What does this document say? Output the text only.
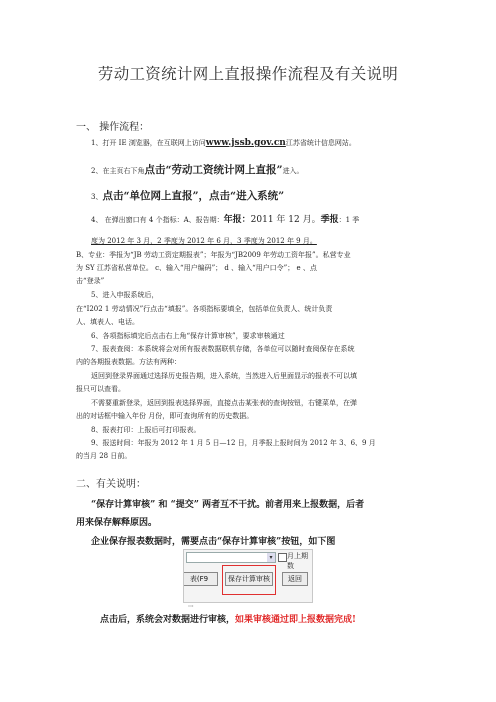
劳动工资统计网上直报操作流程及有关说明
一、 操作流程：
1、打开 IE 浏览器，在互联网上访问www.jssb.gov.cn江苏省统计信息网站。
2、在主页右下角点击“劳动工资统计网上直报”进入。
3、点击“单位网上直报”，点击“进入系统”
4、 在弹出窗口有 4 个指标：A、报告期：年报：2011 年 12 月。季报：1 季
度为 2012 年 3 月，2 季度为 2012 年 6 月，3 季度为 2012 年 9 月。
B、专业：季报为“JB 劳动工资定期报表”；年报为“JB2009 年劳动工资年报”。私营专业
为 SY 江苏省私营单位。 c、输入“用户编码”； d 、输入“用户口令”； e 、点
击“登录”
5、进入申报系统后，
在“I202 1 劳动情况”行点击“填报”。各项指标要填全，包括单位负责人、统计负责
人、填表人、电话。
6、各项指标填完后点击右上角“保存计算审核”，要求审核通过
7、报表查阅：本系统将会对所有报表数据联机存储，各单位可以随时查阅保存在系统
内的各期报表数据。方法有两种：
返回到登录界面通过选择历史报告期，进入系统，当然进入后里面显示的报表不可以填
报只可以查看。
不需要重新登录，返回到报表选择界面，直接点击某张表的查询按钮，右键菜单，在弹
出的对话框中输入年份 月份，即可查询所有的历史数据。
8、报表打印：上报后可打印报表。
9、报送时间：年报为 2012 年 1 月 5 日—12 日，月季报上报时间为 2012 年 3、6、9 月
的当月 28 日前。
二、有关说明：
“保存计算审核” 和 “提交” 两者互不干扰。前者用来上报数据，后者
用来保存解释原因。
企业保存报表数据时，需要点击“保存计算审核”按钮，如下图
▾	月上期数
表(F9	保存计算审核	返回
"""
点击后，系统会对数据进行审核，如果审核通过即上报数据完成!
